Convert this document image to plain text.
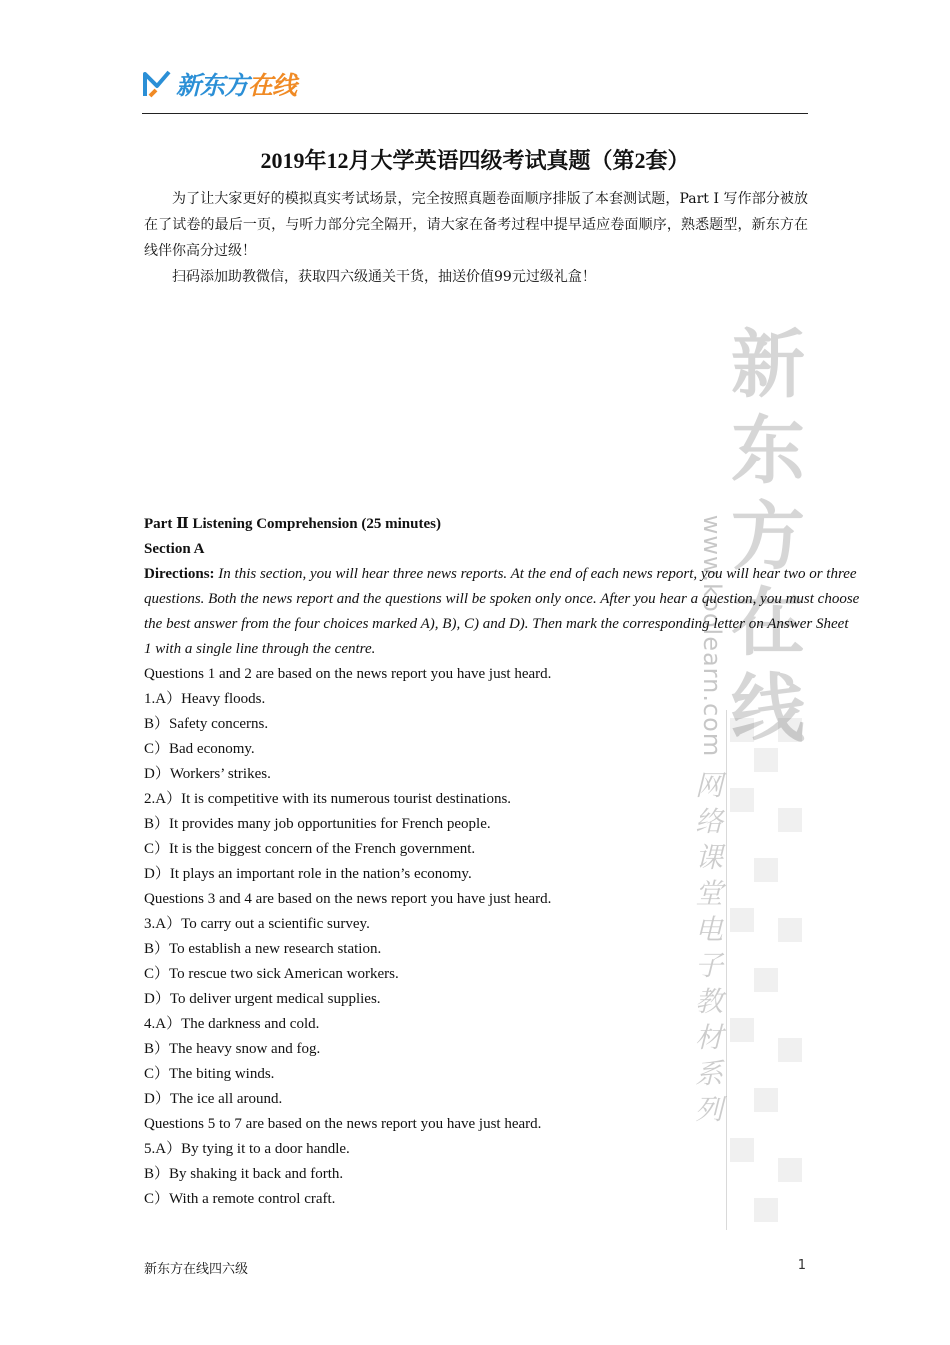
新东方在线
新东方在线
www.koolearn.com
网络课堂电子教材系列
2019年12月大学英语四级考试真题（第2套）

为了让大家更好的模拟真实考试场景，完全按照真题卷面顺序排版了本套测试题，Part I 写作部分被放在了试卷的最后一页，与听力部分完全隔开，请大家在备考过程中提早适应卷面顺序，熟悉题型，新东方在线伴你高分过级！

扫码添加助教微信，获取四六级通关干货，抽送价值99元过级礼盒！

Part Ⅱ Listening Comprehension (25 minutes)

Section A

Directions: In this section, you will hear three news reports. At the end of each news report, you will hear two or three
questions. Both the news report and the questions will be spoken only once. After you hear a question, you must choose
the best answer from the four choices marked A), B), C) and D). Then mark the corresponding letter on Answer Sheet
1 with a single line through the centre.

Questions 1 and 2 are based on the news report you have just heard.

1.A）Heavy floods.

B）Safety concerns.

C）Bad economy.

D）Workers’ strikes.

2.A）It is competitive with its numerous tourist destinations.

B）It provides many job opportunities for French people.

C）It is the biggest concern of the French government.

D）It plays an important role in the nation’s economy.

Questions 3 and 4 are based on the news report you have just heard.

3.A）To carry out a scientific survey.

B）To establish a new research station.

C）To rescue two sick American workers.

D）To deliver urgent medical supplies.

4.A）The darkness and cold.

B）The heavy snow and fog.

C）The biting winds.

D）The ice all around.

Questions 5 to 7 are based on the news report you have just heard.

5.A）By tying it to a door handle.

B）By shaking it back and forth.

C）With a remote control craft.

新东方在线四六级	1
